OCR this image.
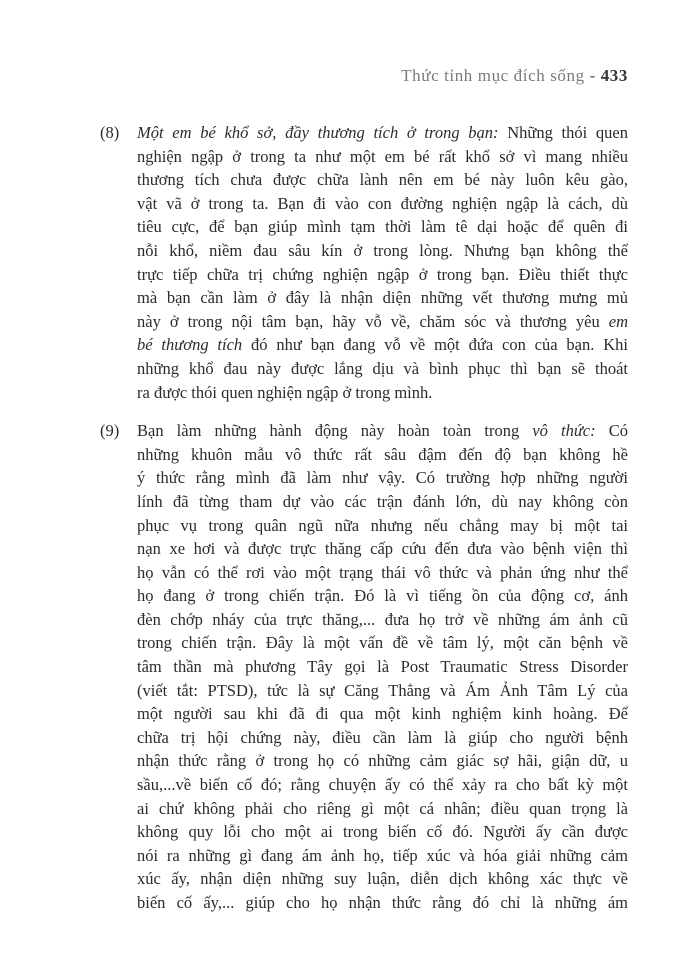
Thức tỉnh mục đích sống - 433
(8) Một em bé khổ sở, đầy thương tích ở trong bạn: Những thói quen
nghiện ngập ở trong ta như một em bé rất khổ sở vì mang nhiều
thương tích chưa được chữa lành nên em bé này luôn kêu gào,
vật vã ở trong ta. Bạn đi vào con đường nghiện ngập là cách, dù
tiêu cực, để bạn giúp mình tạm thời làm tê dại hoặc để quên đi
nỗi khổ, niềm đau sâu kín ở trong lòng. Nhưng bạn không thể
trực tiếp chữa trị chứng nghiện ngập ở trong bạn. Điều thiết thực
mà bạn cần làm ở đây là nhận diện những vết thương mưng mủ
này ở trong nội tâm bạn, hãy vỗ về, chăm sóc và thương yêu em
bé thương tích đó như bạn đang vỗ về một đứa con của bạn. Khi
những khổ đau này được lắng dịu và bình phục thì bạn sẽ thoát
ra được thói quen nghiện ngập ở trong mình.
(9) Bạn làm những hành động này hoàn toàn trong vô thức: Có
những khuôn mẫu vô thức rất sâu đậm đến độ bạn không hề
ý thức rằng mình đã làm như vậy. Có trường hợp những người
lính đã từng tham dự vào các trận đánh lớn, dù nay không còn
phục vụ trong quân ngũ nữa nhưng nếu chẳng may bị một tai
nạn xe hơi và được trực thăng cấp cứu đến đưa vào bệnh viện thì
họ vẫn có thể rơi vào một trạng thái vô thức và phản ứng như thể
họ đang ở trong chiến trận. Đó là vì tiếng ồn của động cơ, ánh
đèn chớp nháy của trực thăng,... đưa họ trở về những ám ảnh cũ
trong chiến trận. Đây là một vấn đề về tâm lý, một căn bệnh về
tâm thần mà phương Tây gọi là Post Traumatic Stress Disorder
(viết tắt: PTSD), tức là sự Căng Thẳng và Ám Ảnh Tâm Lý của
một người sau khi đã đi qua một kinh nghiệm kinh hoàng. Để
chữa trị hội chứng này, điều cần làm là giúp cho người bệnh
nhận thức rằng ở trong họ có những cảm giác sợ hãi, giận dữ, u
sầu,...về biến cố đó; rằng chuyện ấy có thể xảy ra cho bất kỳ một
ai chứ không phải cho riêng gì một cá nhân; điều quan trọng là
không quy lỗi cho một ai trong biến cố đó. Người ấy cần được
nói ra những gì đang ám ảnh họ, tiếp xúc và hóa giải những cảm
xúc ấy, nhận diện những suy luận, diễn dịch không xác thực về
biến cố ấy,... giúp cho họ nhận thức rằng đó chỉ là những ám
